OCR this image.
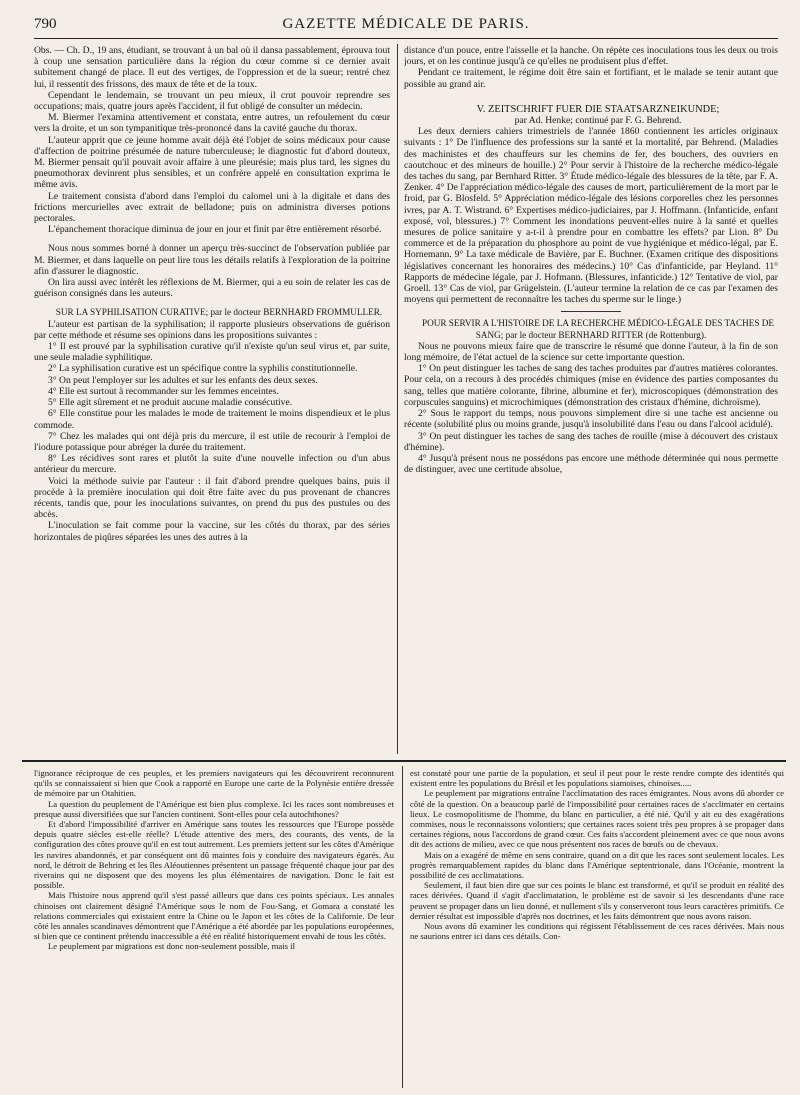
790	GAZETTE MÉDICALE DE PARIS.

Obs. — Ch. D., 19 ans, étudiant, se trouvant à un bal où il dansa passablement, éprouva tout à coup une sensation particulière dans la région du cœur comme si ce dernier avait subitement changé de place. Il eut des vertiges, de l'oppression et de la sueur; rentré chez lui, il ressentit des frissons, des maux de tête et de la toux.

Cependant le lendemain, se trouvant un peu mieux, il crut pouvoir reprendre ses occupations; mais, quatre jours après l'accident, il fut obligé de consulter un médecin.

M. Biermer l'examina attentivement et constata, entre autres, un refoulement du cœur vers la droite, et un son tympanitique très-prononcé dans la cavité gauche du thorax.

L'auteur apprit que ce jeune homme avait déjà été l'objet de soins médicaux pour cause d'affection de poitrine présumée de nature tuberculeuse; le diagnostic fut d'abord douteux, M. Biermer pensait qu'il pouvait avoir affaire à une pleurésie; mais plus tard, les signes du pneumothorax devinrent plus sensibles, et un confrère appelé en consultation exprima le même avis.

Le traitement consista d'abord dans l'emploi du calomel uni à la digitale et dans des frictions mercurielles avec extrait de belladone; puis on administra diverses potions pectorales.

L'épanchement thoracique diminua de jour en jour et finit par être entièrement résorbé.

Nous nous sommes borné à donner un aperçu très-succinct de l'observation publiée par M. Biermer, et dans laquelle on peut lire tous les détails relatifs à l'exploration de la poitrine afin d'assurer le diagnostic.

On lira aussi avec intérêt les réflexions de M. Biermer, qui a eu soin de relater les cas de guérison consignés dans les auteurs.

SUR LA SYPHILISATION CURATIVE; par le docteur BERNHARD FROMMULLER.

L'auteur est partisan de la syphilisation; il rapporte plusieurs observations de guérison par cette méthode et résume ses opinions dans les propositions suivantes :

1° Il est prouvé par la syphilisation curative qu'il n'existe qu'un seul virus et, par suite, une seule maladie syphilitique.

2° La syphilisation curative est un spécifique contre la syphilis constitutionnelle.

3° On peut l'employer sur les adultes et sur les enfants des deux sexes.

4° Elle est surtout à recommander sur les femmes enceintes.

5° Elle agit sûrement et ne produit aucune maladie consécutive.

6° Elle constitue pour les malades le mode de traitement le moins dispendieux et le plus commode.

7° Chez les malades qui ont déjà pris du mercure, il est utile de recourir à l'emploi de l'iodure potassique pour abréger la durée du traitement.

8° Les récidives sont rares et plutôt la suite d'une nouvelle infection ou d'un abus antérieur du mercure.

Voici la méthode suivie par l'auteur : il fait d'abord prendre quelques bains, puis il procède à la première inoculation qui doit être faite avec du pus provenant de chancres récents, tandis que, pour les inoculations suivantes, on prend du pus des pustules ou des abcès.

L'inoculation se fait comme pour la vaccine, sur les côtés du thorax, par des séries horizontales de piqûres séparées les unes des autres à la

distance d'un pouce, entre l'aisselle et la hanche. On répète ces inoculations tous les deux ou trois jours, et on les continue jusqu'à ce qu'elles ne produisent plus d'effet.

Pendant ce traitement, le régime doit être sain et fortifiant, et le malade se tenir autant que possible au grand air.

V. ZEITSCHRIFT FUER DIE STAATSARZNEIKUNDE;

par Ad. Henke; continué par F. G. Behrend.

Les deux derniers cahiers trimestriels de l'année 1860 contiennent les articles originaux suivants : 1° De l'influence des professions sur la santé et la mortalité, par Behrend. (Maladies des machinistes et des chauffeurs sur les chemins de fer, des bouchers, des ouvriers en caoutchouc et des mineurs de houille.) 2° Pour servir à l'histoire de la recherche médico-légale des taches du sang, par Bernhard Ritter. 3° Étude médico-légale des blessures de la tête, par F. A. Zenker. 4° De l'appréciation médico-légale des causes de mort, particulièrement de la mort par le froid, par G. Blosfeld. 5° Appréciation médico-légale des lésions corporelles chez les personnes ivres, par A. T. Wistrand. 6° Expertises médico-judiciaires, par J. Hoffmann. (Infanticide, enfant exposé, vol, blessures.) 7° Comment les inondations peuvent-elles nuire à la santé et quelles mesures de police sanitaire y a-t-il à prendre pour en combattre les effets? par Lion. 8° Du commerce et de la préparation du phosphore au point de vue hygiénique et médico-légal, par E. Hornemann. 9° La taxe médicale de Bavière, par E. Buchner. (Examen critique des dispositions législatives concernant les honoraires des médecins.) 10° Cas d'infanticide, par Heyland. 11° Rapports de médecine légale, par J. Hofmann. (Blessures, infanticide.) 12° Tentative de viol, par Groell. 13° Cas de viol, par Grügelstein. (L'auteur termine la relation de ce cas par l'examen des moyens qui permettent de reconnaître les taches du sperme sur le linge.)

POUR SERVIR A L'HISTOIRE DE LA RECHERCHE MÉDICO-LÉGALE DES TACHES DE SANG; par le docteur BERNHARD RITTER (de Rottenburg).

Nous ne pouvons mieux faire que de transcrire le résumé que donne l'auteur, à la fin de son long mémoire, de l'état actuel de la science sur cette importante question.

1° On peut distinguer les taches de sang des taches produites par d'autres matières colorantes. Pour cela, on a recours à des procédés chimiques (mise en évidence des parties composantes du sang, telles que matière colorante, fibrine, albumine et fer), microscopiques (démonstration des corpuscules sanguins) et microchimiques (démonstration des cristaux d'hémine, dichroïsme).

2° Sous le rapport du temps, nous pouvons simplement dire si une tache est ancienne ou récente (solubilité plus ou moins grande, jusqu'à insolubilité dans l'eau ou dans l'alcool acidulé).

3° On peut distinguer les taches de sang des taches de rouille (mise à découvert des cristaux d'hémine).

4° Jusqu'à présent nous ne possédons pas encore une méthode déterminée qui nous permette de distinguer, avec une certitude absolue,

l'ignorance réciproque de ces peuples, et les premiers navigateurs qui les découvrirent reconnurent qu'ils se connaissaient si bien que Cook a rapporté en Europe une carte de la Polynésie entière dressée de mémoire par un Otahitien.

La question du peuplement de l'Amérique est bien plus complexe. Ici les races sont nombreuses et presque aussi diversifiées que sur l'ancien continent. Sont-elles pour cela autochthones?

Et d'abord l'impossibilité d'arriver en Amérique sans toutes les ressources que l'Europe possède depuis quatre siècles est-elle réelle? L'étude attentive des mers, des courants, des vents, de la configuration des côtes prouve qu'il en est tout autrement. Les premiers jettent sur les côtes d'Amérique les navires abandonnés, et par conséquent ont dû maintes fois y conduire des navigateurs égarés. Au nord, le détroit de Behring et les îles Aléoutiennes présentent un passage fréquenté chaque jour par des riverains qui ne disposent que des moyens les plus élémentaires de navigation. Donc le fait est possible.

Mais l'histoire nous apprend qu'il s'est passé ailleurs que dans ces points spéciaux. Les annales chinoises ont clairement désigné l'Amérique sous le nom de Fou-Sang, et Gomara a constaté les relations commerciales qui existaient entre la Chine ou le Japon et les côtes de la Californie. De leur côté les annales scandinaves démontrent que l'Amérique a été abordée par les populations européennes, si bien que ce continent prétendu inaccessible a été en réalité historiquement envahi de tous les côtés.

Le peuplement par migrations est donc non-seulement possible, mais il

est constaté pour une partie de la population, et seul il peut pour le reste rendre compte des identités qui existent entre les populations du Brésil et les populations siamoises, chinoises.....

Le peuplement par migrations entraîne l'acclimatation des races émigrantes. Nous avons dû aborder ce côté de la question. On a beaucoup parlé de l'impossibilité pour certaines races de s'acclimater en certains lieux. Le cosmopolitisme de l'homme, du blanc en particulier, a été nié. Qu'il y ait eu des exagérations commises, nous le reconnaissons volontiers; que certaines races soient très peu propres à se propager dans certaines régions, nous l'accordons de grand cœur. Ces faits s'accordent pleinement avec ce que nous avons dit des actions de milieu, avec ce que nous présentent nos races de bœufs ou de chevaux.

Mais on a exagéré de même en sens contraire, quand on a dit que les races sont seulement locales. Les progrès remarquablement rapides du blanc dans l'Amérique septentrionale, dans l'Océanie, montrent la possibilité de ces acclimatations.

Seulement, il faut bien dire que sur ces points le blanc est transformé, et qu'il se produit en réalité des races dérivées. Quand il s'agit d'acclimatation, le problème est de savoir si les descendants d'une race peuvent se propager dans un lieu donné, et nullement s'ils y conserveront tous leurs caractères primitifs. Ce dernier résultat est impossible d'après nos doctrines, et les faits démontrent que nous avons raison.

Nous avons dû examiner les conditions qui régissent l'établissement de ces races dérivées. Mais nous ne saurions entrer ici dans ces détails. Con-
